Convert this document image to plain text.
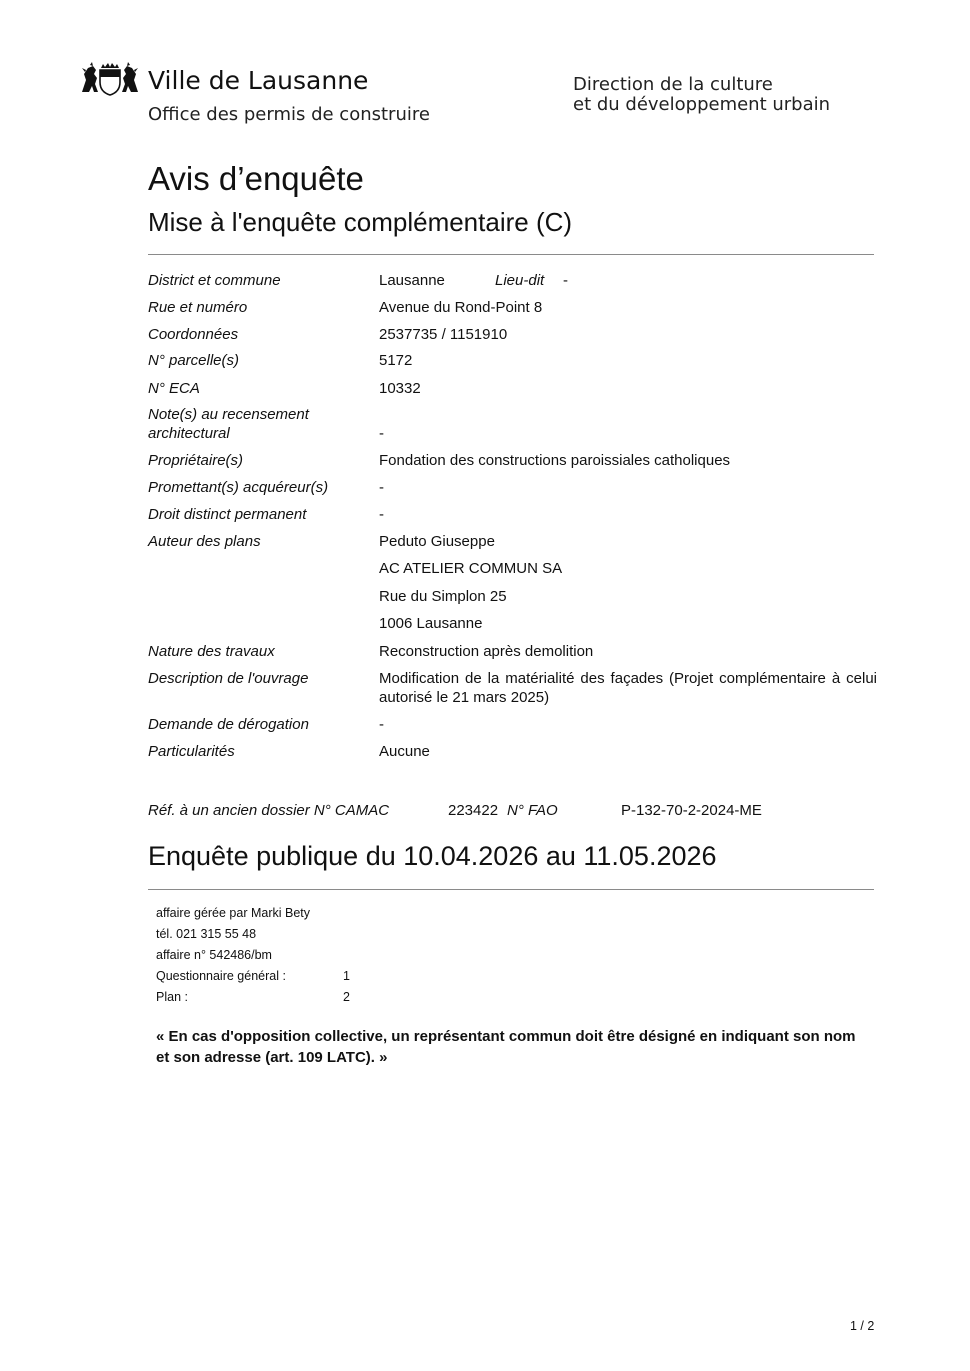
Ville de Lausanne
Office des permis de construire
Direction de la culture
et du développement urbain
Avis d’enquête
Mise à l'enquête complémentaire (C)
District et commune	Lausanne	Lieu-dit -
Rue et numéro	Avenue du Rond-Point 8
Coordonnées	2537735 / 1151910
N° parcelle(s)	5172
N° ECA	10332
Note(s) au recensement
architectural	-
Propriétaire(s)	Fondation des constructions paroissiales catholiques
Promettant(s) acquéreur(s)	-
Droit distinct permanent	-
Auteur des plans	Peduto Giuseppe
AC ATELIER COMMUN SA
Rue du Simplon 25
1006 Lausanne
Nature des travaux	Reconstruction après demolition
Description de l'ouvrage	Modification de la matérialité des façades (Projet complémentaire à celui autorisé le 21 mars 2025)
Demande de dérogation	-
Particularités	Aucune
Réf. à un ancien dossier N° CAMAC	223422 N° FAO	P-132-70-2-2024-ME
Enquête publique du 10.04.2026 au 11.05.2026
affaire gérée par Marki Bety
tél. 021 315 55 48
affaire n° 542486/bm
Questionnaire général :	1
Plan :	2
« En cas d'opposition collective, un représentant commun doit être désigné en indiquant son nom et son adresse (art. 109 LATC). »
1 / 2
